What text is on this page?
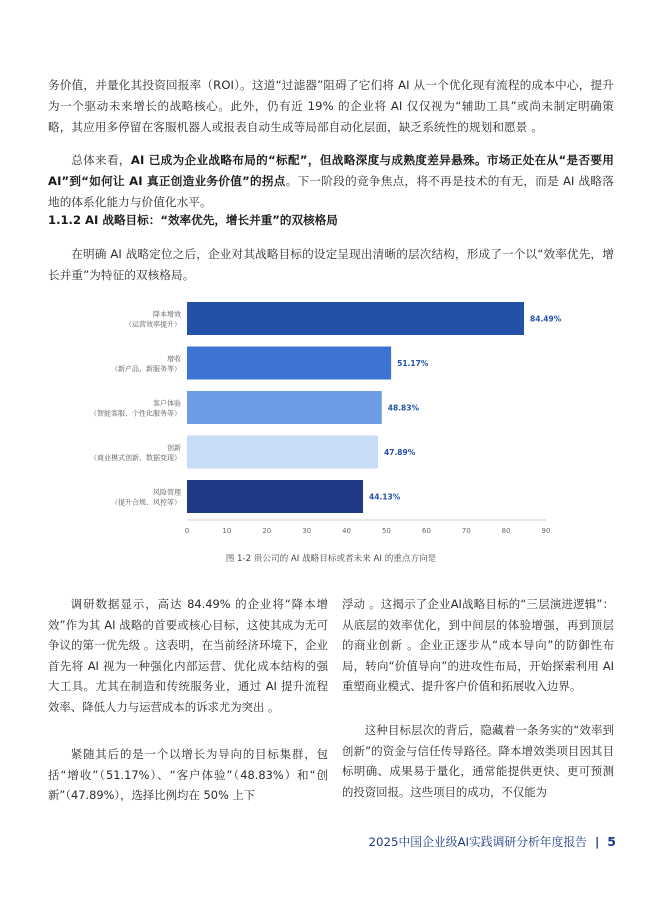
务价值，并量化其投资回报率（ROI）。这道“过滤器”阻碍了它们将 AI 从一个优化现有流程的成本中心，提升为一个驱动未来增长的战略核心。此外，仍有近 19% 的企业将 AI 仅仅视为“辅助工具”或尚未制定明确策略，其应用多停留在客服机器人或报表自动生成等局部自动化层面，缺乏系统性的规划和愿景 。

总体来看，AI 已成为企业战略布局的“标配”，但战略深度与成熟度差异悬殊。市场正处在从“是否要用 AI”到“如何让 AI 真正创造业务价值”的拐点。下一阶段的竞争焦点，将不再是技术的有无，而是 AI 战略落地的体系化能力与价值化水平。

1.1.2 AI 战略目标：“效率优先，增长并重”的双核格局

在明确 AI 战略定位之后，企业对其战略目标的设定呈现出清晰的层次结构，形成了一个以“效率优先，增长并重”为特征的双核格局。

降本增效
（运营效率提升）
增收
（新产品、新服务等）
客户体验
（智能客服、个性化服务等）
创新
（商业模式创新、数据变现）
风险管理
（提升合规、风控等）
84.49%
51.17%
48.83%
47.89%
44.13%
0	10	20	30	40	50	60	70	80	90
图 1-2 贵公司的 AI 战略目标或者未来 AI 的重点方向是

调研数据显示，高达 84.49% 的企业将“降本增效”作为其 AI 战略的首要或核心目标，这使其成为无可争议的第一优先级 。这表明，在当前经济环境下，企业首先将 AI 视为一种强化内部运营、优化成本结构的强大工具。尤其在制造和传统服务业，通过 AI 提升流程效率、降低人力与运营成本的诉求尤为突出 。

紧随其后的是一个以增长为导向的目标集群，包括“增收”（51.17%）、“客户体验”（48.83%）和“创新”（47.89%），选择比例均在 50% 上下

浮动 。这揭示了企业AI战略目标的“三层演进逻辑”：从底层的效率优化，到中间层的体验增强，再到顶层的商业创新 。企业正逐步从“成本导向”的防御性布局，转向“价值导向”的进攻性布局，开始探索利用 AI 重塑商业模式、提升客户价值和拓展收入边界。

这种目标层次的背后，隐藏着一条务实的“效率到创新”的资金与信任传导路径。降本增效类项目因其目标明确、成果易于量化，通常能提供更快、更可预测的投资回报。这些项目的成功，不仅能为

2025中国企业级AI实践调研分析年度报告 | 5
